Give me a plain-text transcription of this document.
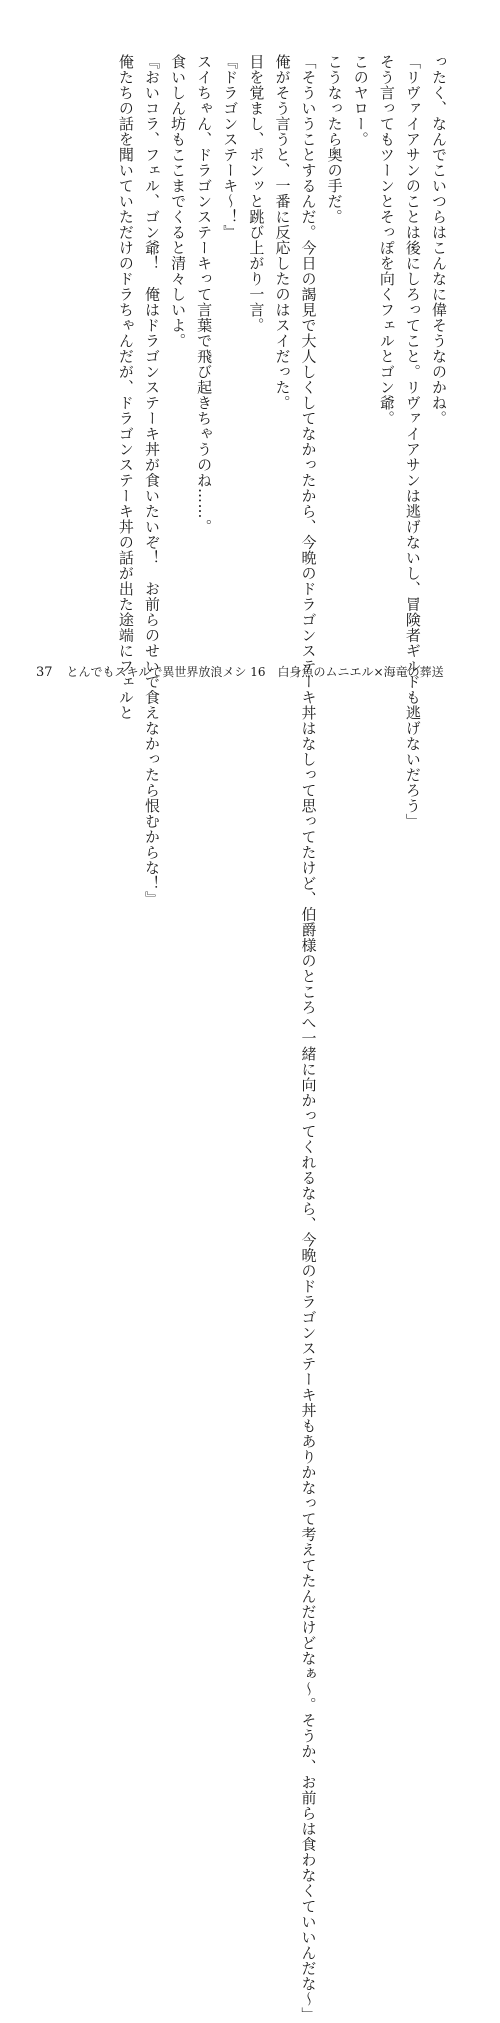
ったく、なんでこいつらはこんなに偉そうなのかね。
「リヴァイアサンのことは後にしろってこと。リヴァイアサンは逃げないし、冒険者ギルドも逃げないだろう」
そう言ってもツーンとそっぽを向くフェルとゴン爺。
このヤロー。
こうなったら奥の手だ。
「そういうことするんだ。今日の謁見で大人しくしてなかったから、今晩のドラゴンステーキ丼はなしって思ってたけど、伯爵様のところへ一緒に向かってくれるなら、今晩のドラゴンステーキ丼もありかなって考えてたんだけどなぁ～。そうか、お前らは食わなくていいんだな～」
俺がそう言うと、一番に反応したのはスイだった。
目を覚まし、ポンッと跳び上がり一言。
『ドラゴンステーキ～！』
スイちゃん、ドラゴンステーキって言葉で飛び起きちゃうのね……。
食いしん坊もここまでくると清々しいよ。
『おいコラ、フェル、ゴン爺！　俺はドラゴンステーキ丼が食いたいぞ！　お前らのせいで食えなかったら恨むからな！』
俺たちの話を聞いていただけのドラちゃんだが、ドラゴンステーキ丼の話が出た途端にフェルと
37 とんでもスキルで異世界放浪メシ 16　白身魚のムニエル×海竜の葬送
